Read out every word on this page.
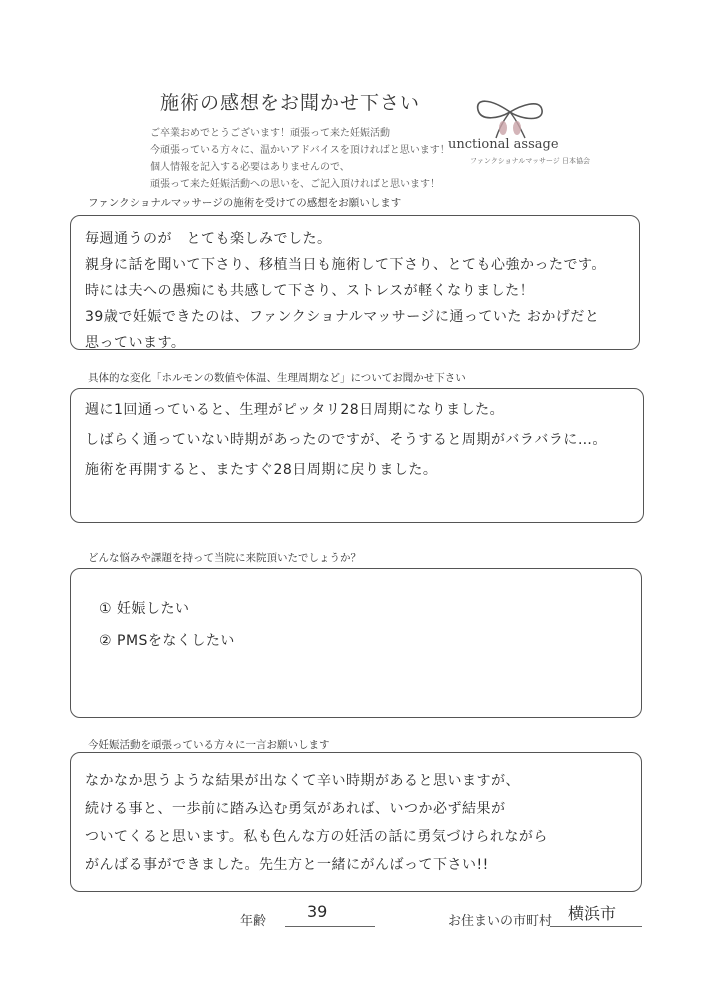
施術の感想をお聞かせ下さい
ご卒業おめでとうございます！頑張って来た妊娠活動
今頑張っている方々に、温かいアドバイスを頂ければと思います！
個人情報を記入する必要はありませんので、
頑張って来た妊娠活動への思いを、ご記入頂ければと思います！
unctional assage
ファンクショナルマッサージ 日本協会
ファンクショナルマッサージの施術を受けての感想をお願いします
毎週通うのが　とても楽しみでした。
親身に話を聞いて下さり、移植当日も施術して下さり、とても心強かったです。
時には夫への愚痴にも共感して下さり、ストレスが軽くなりました！
39歳で妊娠できたのは、ファンクショナルマッサージに通っていた おかげだと
思っています。
具体的な変化「ホルモンの数値や体温、生理周期など」についてお聞かせ下さい
週に1回通っていると、生理がピッタリ28日周期になりました。
しばらく通っていない時期があったのですが、そうすると周期がバラバラに…。
施術を再開すると、またすぐ28日周期に戻りました。
どんな悩みや課題を持って当院に来院頂いたでしょうか？
① 妊娠したい
② PMSをなくしたい
今妊娠活動を頑張っている方々に一言お願いします
なかなか思うような結果が出なくて辛い時期があると思いますが、
続ける事と、一歩前に踏み込む勇気があれば、いつか必ず結果が
ついてくると思います。私も色んな方の妊活の話に勇気づけられながら
がんばる事ができました。先生方と一緒にがんばって下さい!!
年齢
39
お住まいの市町村 横浜市
